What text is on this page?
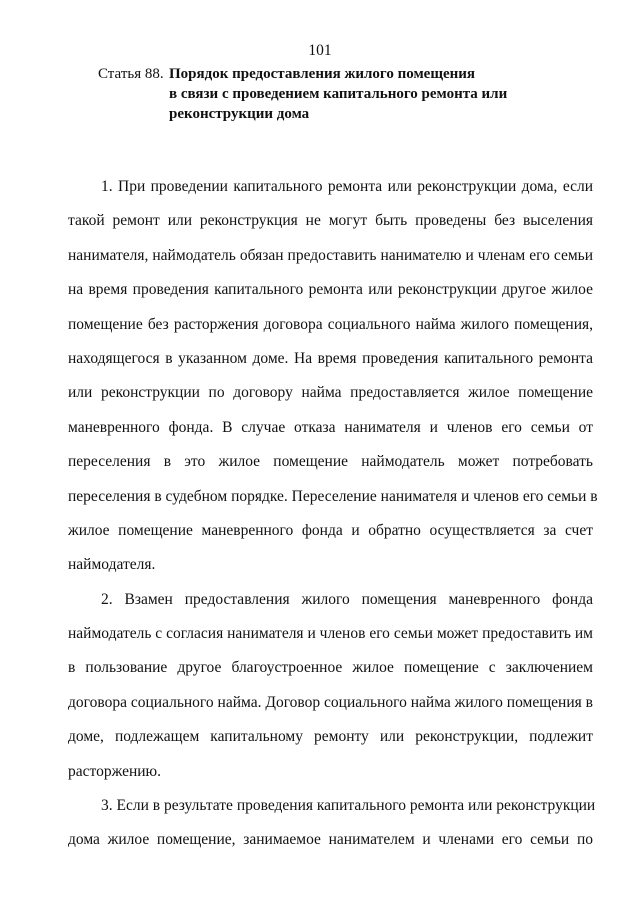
101
Статья 88. Порядок предоставления жилого помещения
в связи с проведением капитального ремонта или
реконструкции дома
1. При проведении капитального ремонта или реконструкции дома, если
такой ремонт или реконструкция не могут быть проведены без выселения
нанимателя, наймодатель обязан предоставить нанимателю и членам его семьи
на время проведения капитального ремонта или реконструкции другое жилое
помещение без расторжения договора социального найма жилого помещения,
находящегося в указанном доме. На время проведения капитального ремонта
или реконструкции по договору найма предоставляется жилое помещение
маневренного фонда. В случае отказа нанимателя и членов его семьи от
переселения в это жилое помещение наймодатель может потребовать
переселения в судебном порядке. Переселение нанимателя и членов его семьи в
жилое помещение маневренного фонда и обратно осуществляется за счет
наймодателя.
2. Взамен предоставления жилого помещения маневренного фонда
наймодатель с согласия нанимателя и членов его семьи может предоставить им
в пользование другое благоустроенное жилое помещение с заключением
договора социального найма. Договор социального найма жилого помещения в
доме, подлежащем капитальному ремонту или реконструкции, подлежит
расторжению.
3. Если в результате проведения капитального ремонта или реконструкции
дома жилое помещение, занимаемое нанимателем и членами его семьи по
